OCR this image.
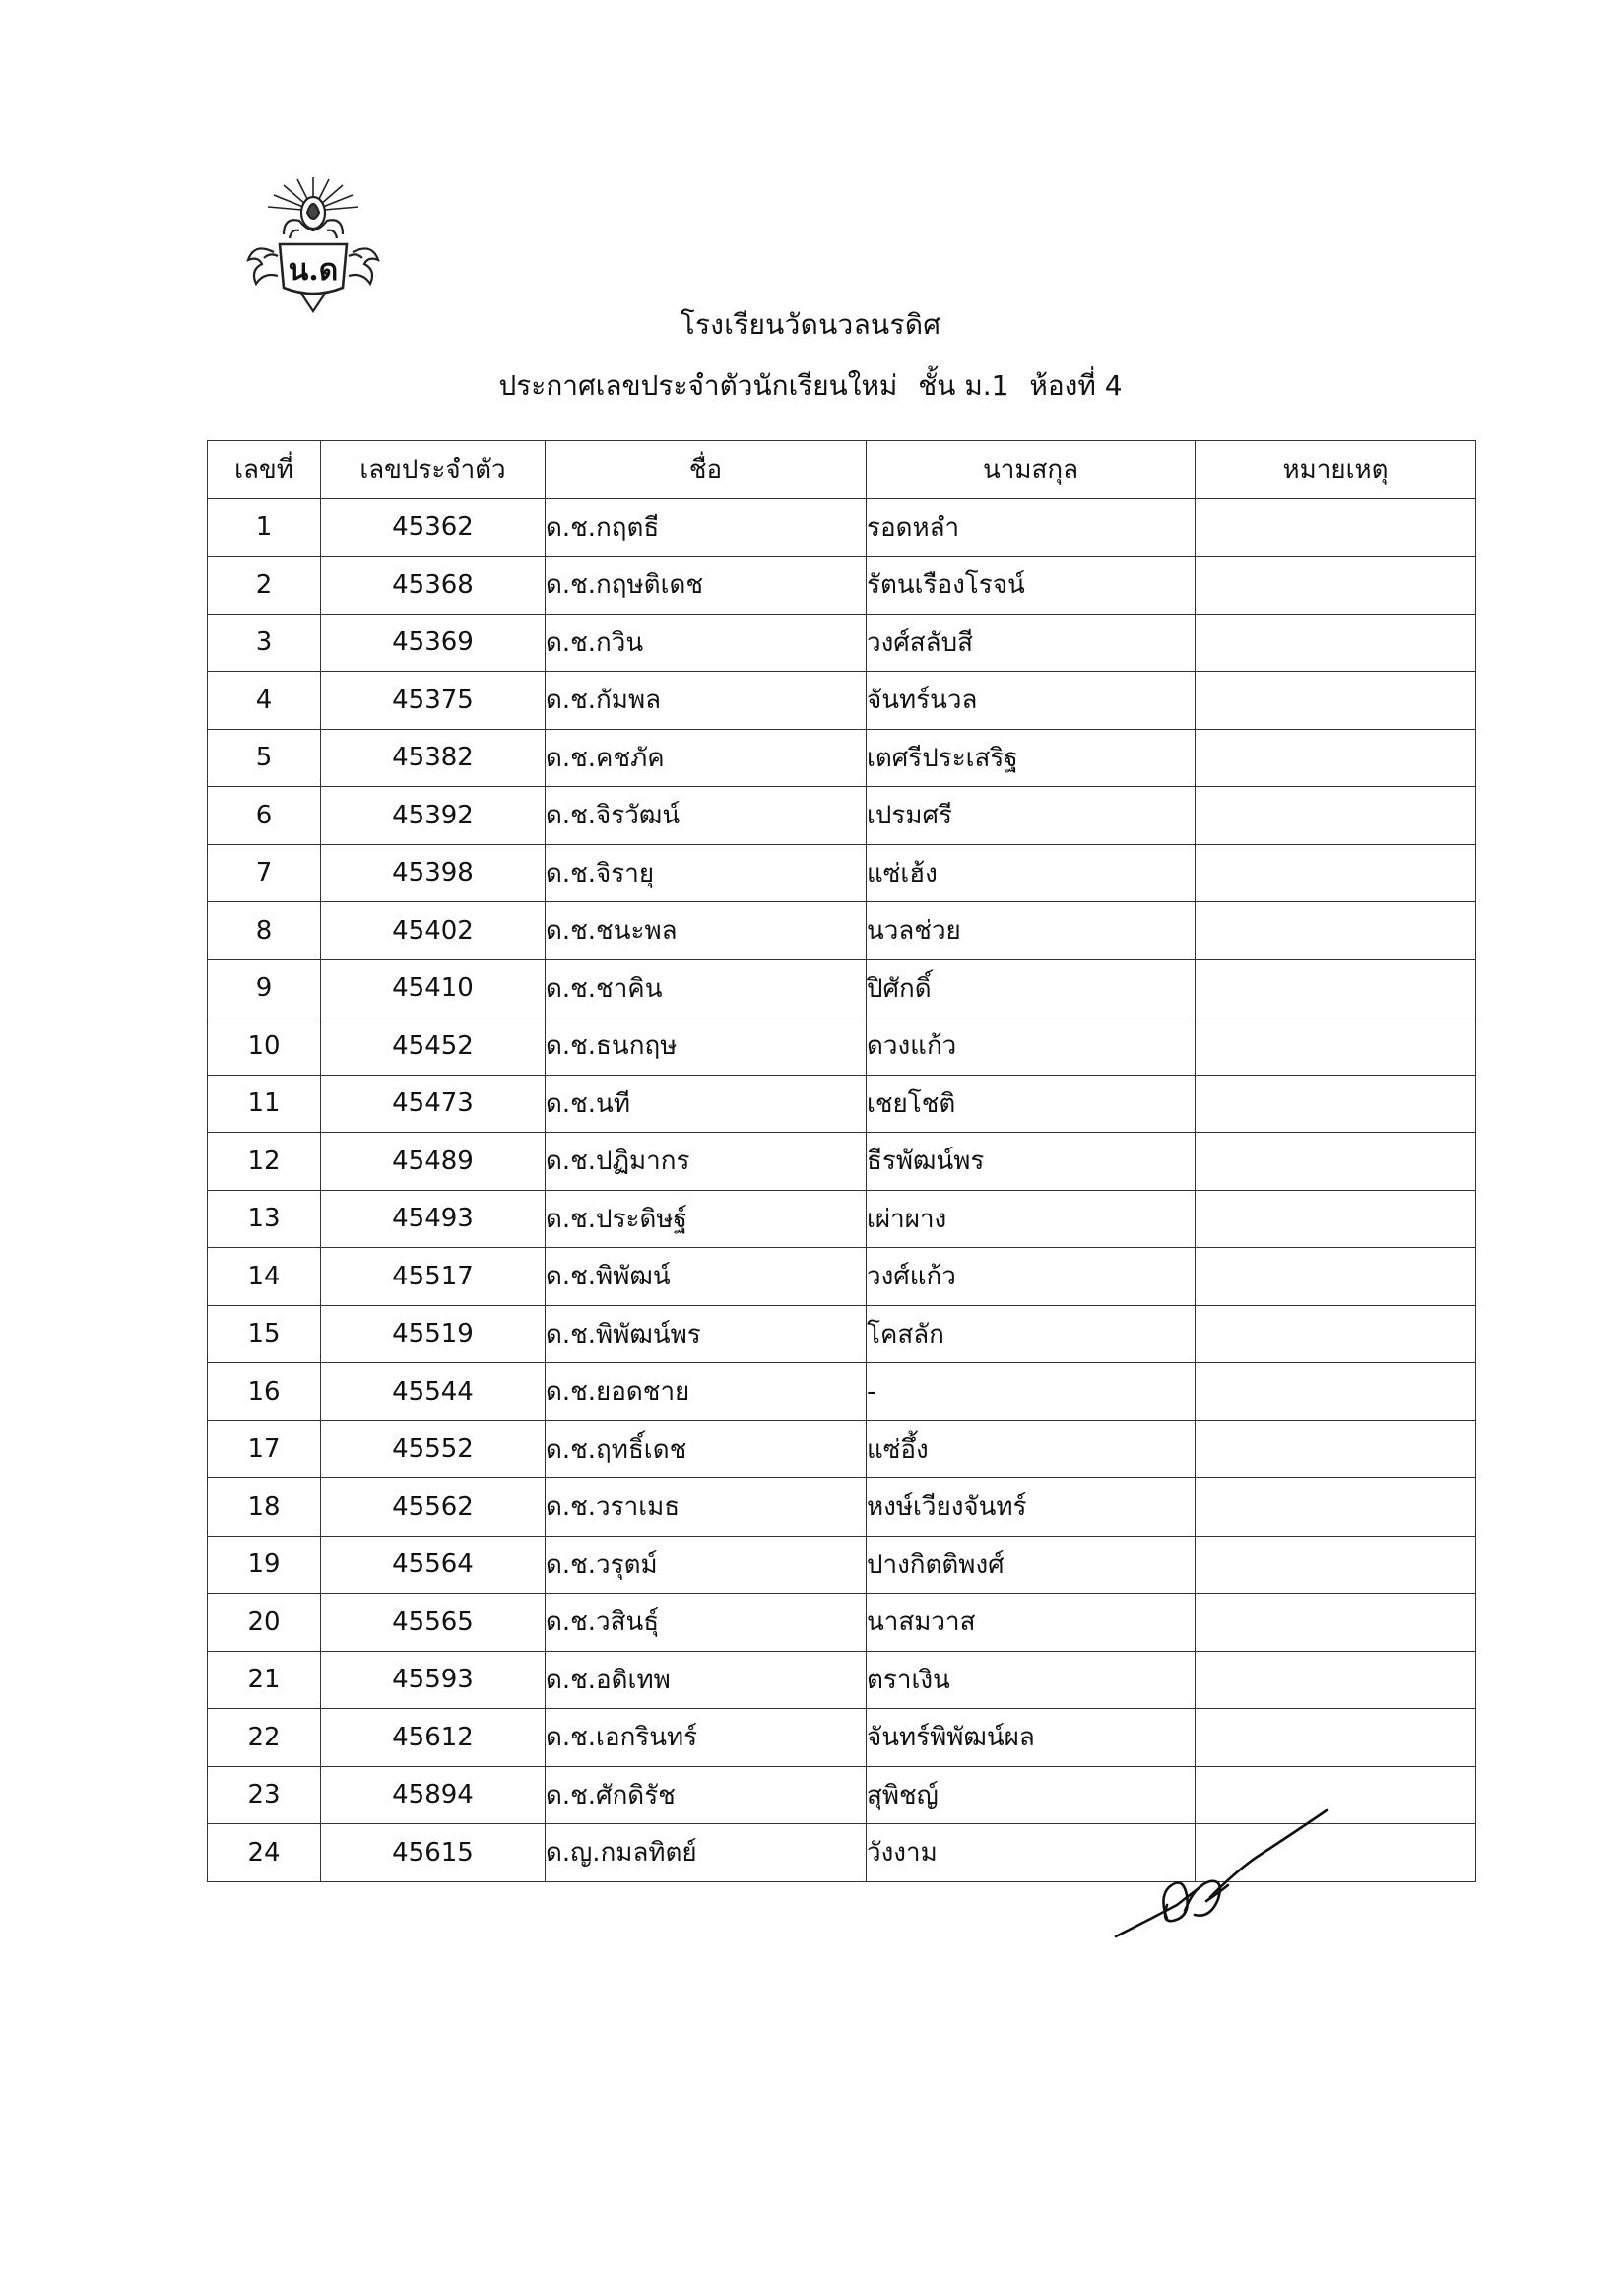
น.ด
โรงเรียนวัดนวลนรดิศ
ประกาศเลขประจำตัวนักเรียนใหม่ ชั้น ม.1 ห้องที่ 4
เลขที่	เลขประจำตัว	ชื่อ	นามสกุล	หมายเหตุ
1	45362	ด.ช.กฤตธี	รอดหลำ	
2	45368	ด.ช.กฤษติเดช	รัตนเรืองโรจน์	
3	45369	ด.ช.กวิน	วงศ์สลับสี	
4	45375	ด.ช.กัมพล	จันทร์นวล	
5	45382	ด.ช.คชภัค	เตศรีประเสริฐ	
6	45392	ด.ช.จิรวัฒน์	เปรมศรี	
7	45398	ด.ช.จิรายุ	แซ่เฮ้ง	
8	45402	ด.ช.ชนะพล	นวลช่วย	
9	45410	ด.ช.ชาคิน	ปิศักดิ์	
10	45452	ด.ช.ธนกฤษ	ดวงแก้ว	
11	45473	ด.ช.นที	เชยโชติ	
12	45489	ด.ช.ปฏิมากร	ธีรพัฒน์พร	
13	45493	ด.ช.ประดิษฐ์	เผ่าผาง	
14	45517	ด.ช.พิพัฒน์	วงศ์แก้ว	
15	45519	ด.ช.พิพัฒน์พร	โคสลัก	
16	45544	ด.ช.ยอดชาย	-	
17	45552	ด.ช.ฤทธิ์เดช	แซ่อึ้ง	
18	45562	ด.ช.วราเมธ	หงษ์เวียงจันทร์	
19	45564	ด.ช.วรุตม์	ปางกิตติพงศ์	
20	45565	ด.ช.วสินธุ์	นาสมวาส	
21	45593	ด.ช.อดิเทพ	ตราเงิน	
22	45612	ด.ช.เอกรินทร์	จันทร์พิพัฒน์ผล	
23	45894	ด.ช.ศักดิรัช	สุพิชญ์	
24	45615	ด.ญ.กมลทิตย์	วังงาม	
